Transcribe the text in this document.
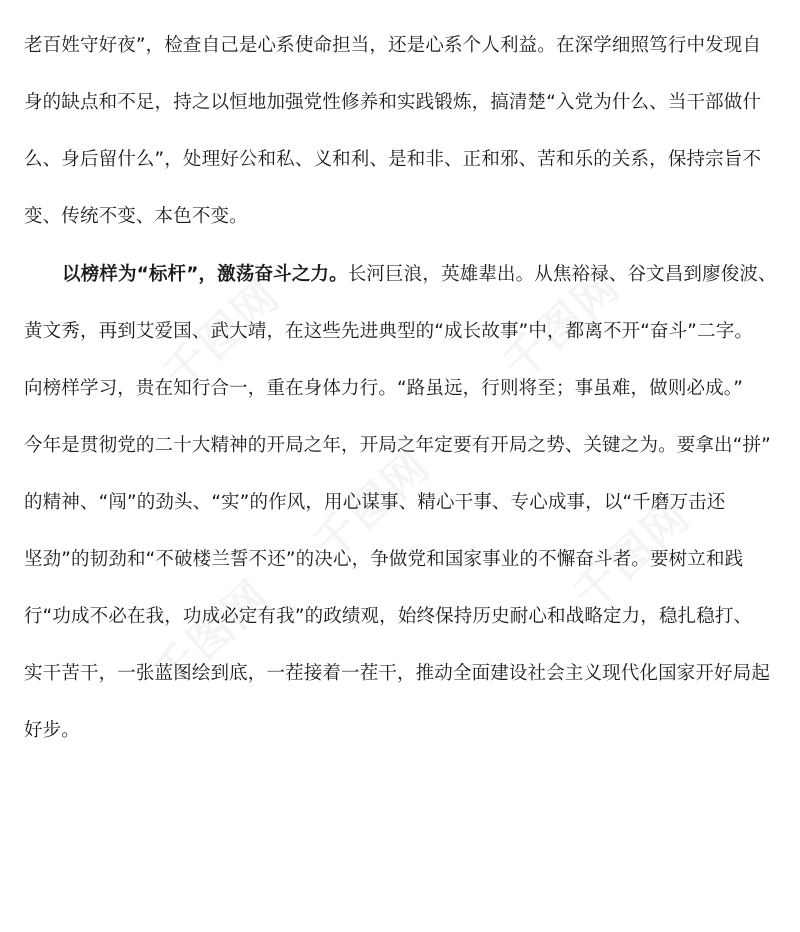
老百姓守好夜”，检查自己是心系使命担当，还是心系个人利益。在深学细照笃行中发现自
身的缺点和不足，持之以恒地加强党性修养和实践锻炼，搞清楚“入党为什么、当干部做什
么、身后留什么”，处理好公和私、义和利、是和非、正和邪、苦和乐的关系，保持宗旨不
变、传统不变、本色不变。
以榜样为“标杆”，激荡奋斗之力。长河巨浪，英雄辈出。从焦裕禄、谷文昌到廖俊波、
黄文秀，再到艾爱国、武大靖，在这些先进典型的“成长故事”中，都离不开“奋斗”二字。
向榜样学习，贵在知行合一，重在身体力行。“路虽远，行则将至；事虽难，做则必成。”
今年是贯彻党的二十大精神的开局之年，开局之年定要有开局之势、关键之为。要拿出“拼”
的精神、“闯”的劲头、“实”的作风，用心谋事、精心干事、专心成事，以“千磨万击还
坚劲”的韧劲和“不破楼兰誓不还”的决心，争做党和国家事业的不懈奋斗者。要树立和践
行“功成不必在我，功成必定有我”的政绩观，始终保持历史耐心和战略定力，稳扎稳打、
实干苦干，一张蓝图绘到底，一茬接着一茬干，推动全面建设社会主义现代化国家开好局起
好步。
